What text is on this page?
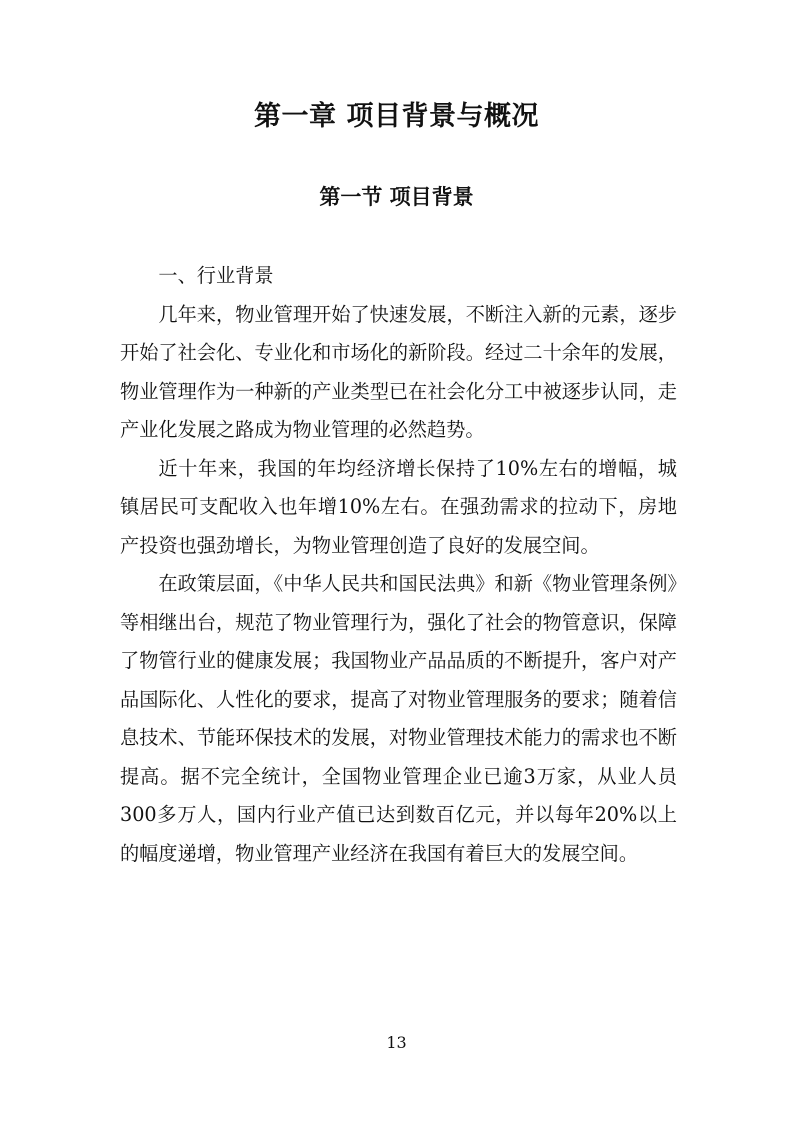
第一章 项目背景与概况
第一节 项目背景

一、行业背景

几年来，物业管理开始了快速发展，不断注入新的元素，逐步开始了社会化、专业化和市场化的新阶段。经过二十余年的发展，物业管理作为一种新的产业类型已在社会化分工中被逐步认同，走产业化发展之路成为物业管理的必然趋势。

近十年来，我国的年均经济增长保持了10%左右的增幅，城镇居民可支配收入也年增10%左右。在强劲需求的拉动下，房地产投资也强劲增长，为物业管理创造了良好的发展空间。

在政策层面，《中华人民共和国民法典》和新《物业管理条例》等相继出台，规范了物业管理行为，强化了社会的物管意识，保障了物管行业的健康发展；我国物业产品品质的不断提升，客户对产品国际化、人性化的要求，提高了对物业管理服务的要求；随着信息技术、节能环保技术的发展，对物业管理技术能力的需求也不断提高。据不完全统计，全国物业管理企业已逾3万家，从业人员300多万人，国内行业产值已达到数百亿元，并以每年20%以上的幅度递增，物业管理产业经济在我国有着巨大的发展空间。

13
